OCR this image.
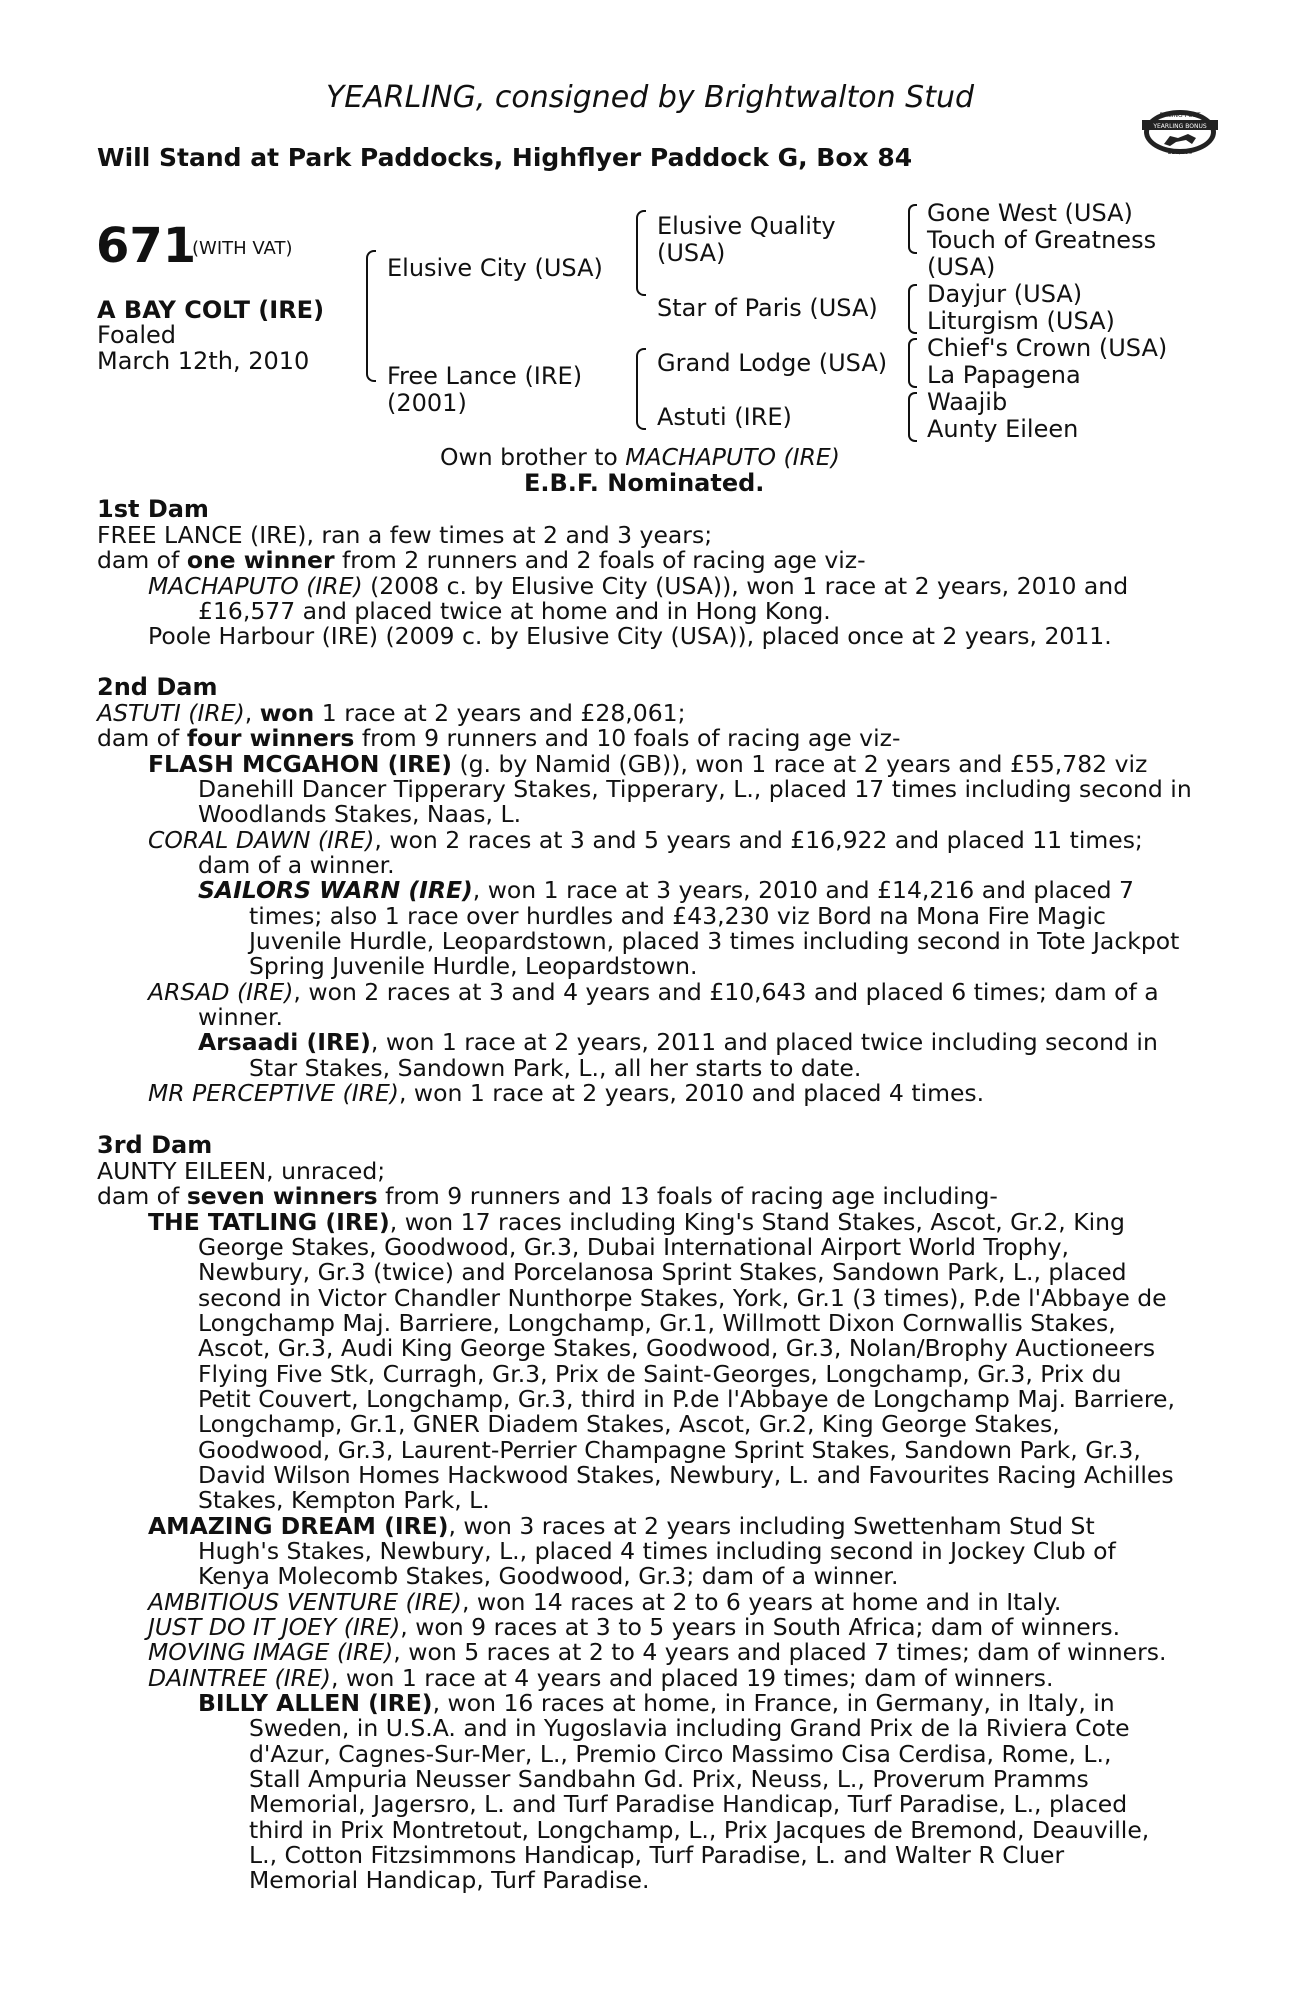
YEARLING, consigned by Brightwalton Stud
Will Stand at Park Paddocks, Highflyer Paddock G, Box 84
RACING POST
YEARLING BONUS
£10,000
671
(WITH VAT)
A BAY COLT (IRE)
Foaled
March 12th, 2010
Elusive City (USA)
Free Lance (IRE)
(2001)
Elusive Quality
(USA)
Star of Paris (USA)
Grand Lodge (USA)
Astuti (IRE)
Gone West (USA)
Touch of Greatness
(USA)
Dayjur (USA)
Liturgism (USA)
Chief's Crown (USA)
La Papagena
Waajib
Aunty Eileen
Own brother to MACHAPUTO (IRE)
E.B.F. Nominated.
1st Dam
FREE LANCE (IRE), ran a few times at 2 and 3 years;
dam of one winner from 2 runners and 2 foals of racing age viz-
MACHAPUTO (IRE) (2008 c. by Elusive City (USA)), won 1 race at 2 years, 2010 and
£16,577 and placed twice at home and in Hong Kong.
Poole Harbour (IRE) (2009 c. by Elusive City (USA)), placed once at 2 years, 2011.
2nd Dam
ASTUTI (IRE), won 1 race at 2 years and £28,061;
dam of four winners from 9 runners and 10 foals of racing age viz-
FLASH MCGAHON (IRE) (g. by Namid (GB)), won 1 race at 2 years and £55,782 viz
Danehill Dancer Tipperary Stakes, Tipperary, L., placed 17 times including second in
Woodlands Stakes, Naas, L.
CORAL DAWN (IRE), won 2 races at 3 and 5 years and £16,922 and placed 11 times;
dam of a winner.
SAILORS WARN (IRE), won 1 race at 3 years, 2010 and £14,216 and placed 7
times; also 1 race over hurdles and £43,230 viz Bord na Mona Fire Magic
Juvenile Hurdle, Leopardstown, placed 3 times including second in Tote Jackpot
Spring Juvenile Hurdle, Leopardstown.
ARSAD (IRE), won 2 races at 3 and 4 years and £10,643 and placed 6 times; dam of a
winner.
Arsaadi (IRE), won 1 race at 2 years, 2011 and placed twice including second in
Star Stakes, Sandown Park, L., all her starts to date.
MR PERCEPTIVE (IRE), won 1 race at 2 years, 2010 and placed 4 times.
3rd Dam
AUNTY EILEEN, unraced;
dam of seven winners from 9 runners and 13 foals of racing age including-
THE TATLING (IRE), won 17 races including King's Stand Stakes, Ascot, Gr.2, King
George Stakes, Goodwood, Gr.3, Dubai International Airport World Trophy,
Newbury, Gr.3 (twice) and Porcelanosa Sprint Stakes, Sandown Park, L., placed
second in Victor Chandler Nunthorpe Stakes, York, Gr.1 (3 times), P.de l'Abbaye de
Longchamp Maj. Barriere, Longchamp, Gr.1, Willmott Dixon Cornwallis Stakes,
Ascot, Gr.3, Audi King George Stakes, Goodwood, Gr.3, Nolan/Brophy Auctioneers
Flying Five Stk, Curragh, Gr.3, Prix de Saint-Georges, Longchamp, Gr.3, Prix du
Petit Couvert, Longchamp, Gr.3, third in P.de l'Abbaye de Longchamp Maj. Barriere,
Longchamp, Gr.1, GNER Diadem Stakes, Ascot, Gr.2, King George Stakes,
Goodwood, Gr.3, Laurent-Perrier Champagne Sprint Stakes, Sandown Park, Gr.3,
David Wilson Homes Hackwood Stakes, Newbury, L. and Favourites Racing Achilles
Stakes, Kempton Park, L.
AMAZING DREAM (IRE), won 3 races at 2 years including Swettenham Stud St
Hugh's Stakes, Newbury, L., placed 4 times including second in Jockey Club of
Kenya Molecomb Stakes, Goodwood, Gr.3; dam of a winner.
AMBITIOUS VENTURE (IRE), won 14 races at 2 to 6 years at home and in Italy.
JUST DO IT JOEY (IRE), won 9 races at 3 to 5 years in South Africa; dam of winners.
MOVING IMAGE (IRE), won 5 races at 2 to 4 years and placed 7 times; dam of winners.
DAINTREE (IRE), won 1 race at 4 years and placed 19 times; dam of winners.
BILLY ALLEN (IRE), won 16 races at home, in France, in Germany, in Italy, in
Sweden, in U.S.A. and in Yugoslavia including Grand Prix de la Riviera Cote
d'Azur, Cagnes-Sur-Mer, L., Premio Circo Massimo Cisa Cerdisa, Rome, L.,
Stall Ampuria Neusser Sandbahn Gd. Prix, Neuss, L., Proverum Pramms
Memorial, Jagersro, L. and Turf Paradise Handicap, Turf Paradise, L., placed
third in Prix Montretout, Longchamp, L., Prix Jacques de Bremond, Deauville,
L., Cotton Fitzsimmons Handicap, Turf Paradise, L. and Walter R Cluer
Memorial Handicap, Turf Paradise.
